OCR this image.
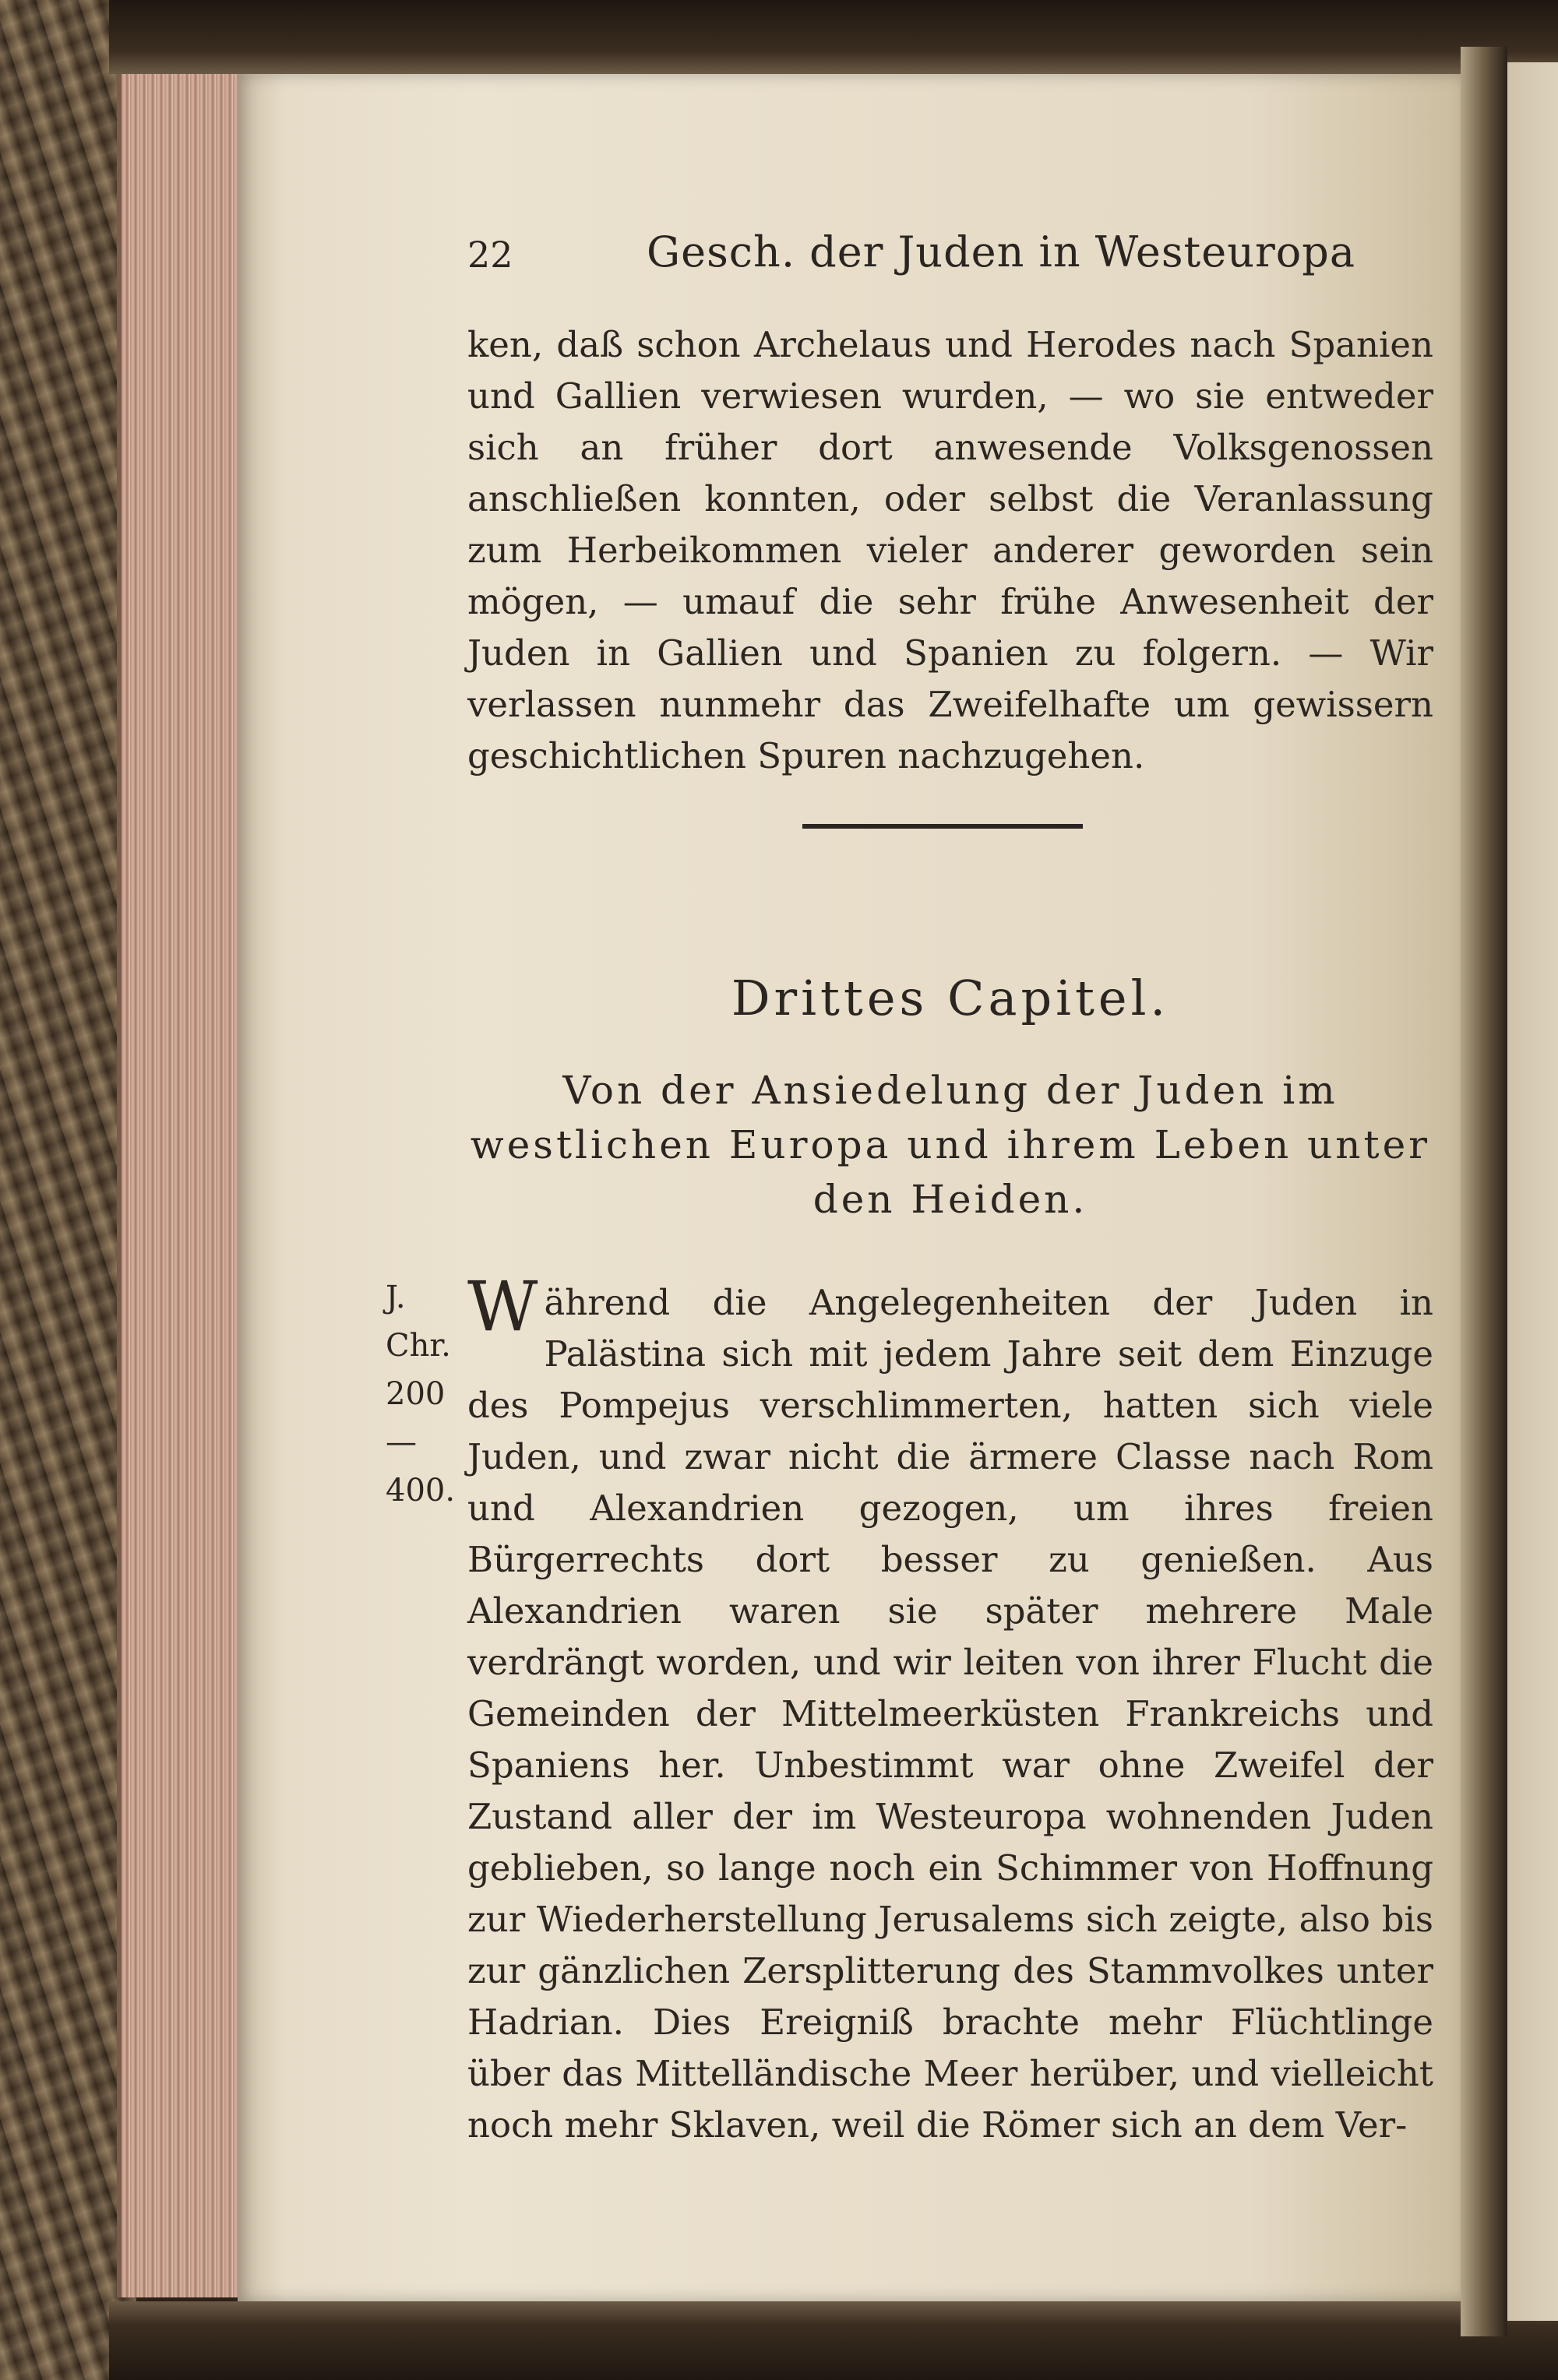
22	Gesch. der Juden in Westeuropa

ken, daß schon Archelaus und Herodes nach Spanien und Gallien verwiesen wurden, — wo sie entweder sich an früher dort anwesende Volksgenossen anschließen konnten, oder selbst die Veranlassung zum Herbeikommen vieler anderer geworden sein mögen, — umauf die sehr frühe Anwesenheit der Juden in Gallien und Spanien zu folgern. — Wir verlassen nunmehr das Zweifelhafte um gewissern geschichtlichen Spuren nachzugehen.

Drittes Capitel.
Von der Ansiedelung der Juden im westlichen Europa und ihrem Leben unter den Heiden.
J. Chr.
200
—
400.

W ährend die Angelegenheiten der Juden in Palästina sich mit jedem Jahre seit dem Einzuge des Pompejus verschlimmerten, hatten sich viele Juden, und zwar nicht die ärmere Classe nach Rom und Alexandrien gezogen, um ihres freien Bürgerrechts dort besser zu genießen. Aus Alexandrien waren sie später mehrere Male verdrängt worden, und wir leiten von ihrer Flucht die Gemeinden der Mittelmeerküsten Frankreichs und Spaniens her. Unbestimmt war ohne Zweifel der Zustand aller der im Westeuropa wohnenden Juden geblieben, so lange noch ein Schimmer von Hoffnung zur Wiederherstellung Jerusalems sich zeigte, also bis zur gänzlichen Zersplitterung des Stammvolkes unter Hadrian. Dies Ereigniß brachte mehr Flüchtlinge über das Mittelländische Meer herüber, und vielleicht noch mehr Sklaven, weil die Römer sich an dem Ver-
